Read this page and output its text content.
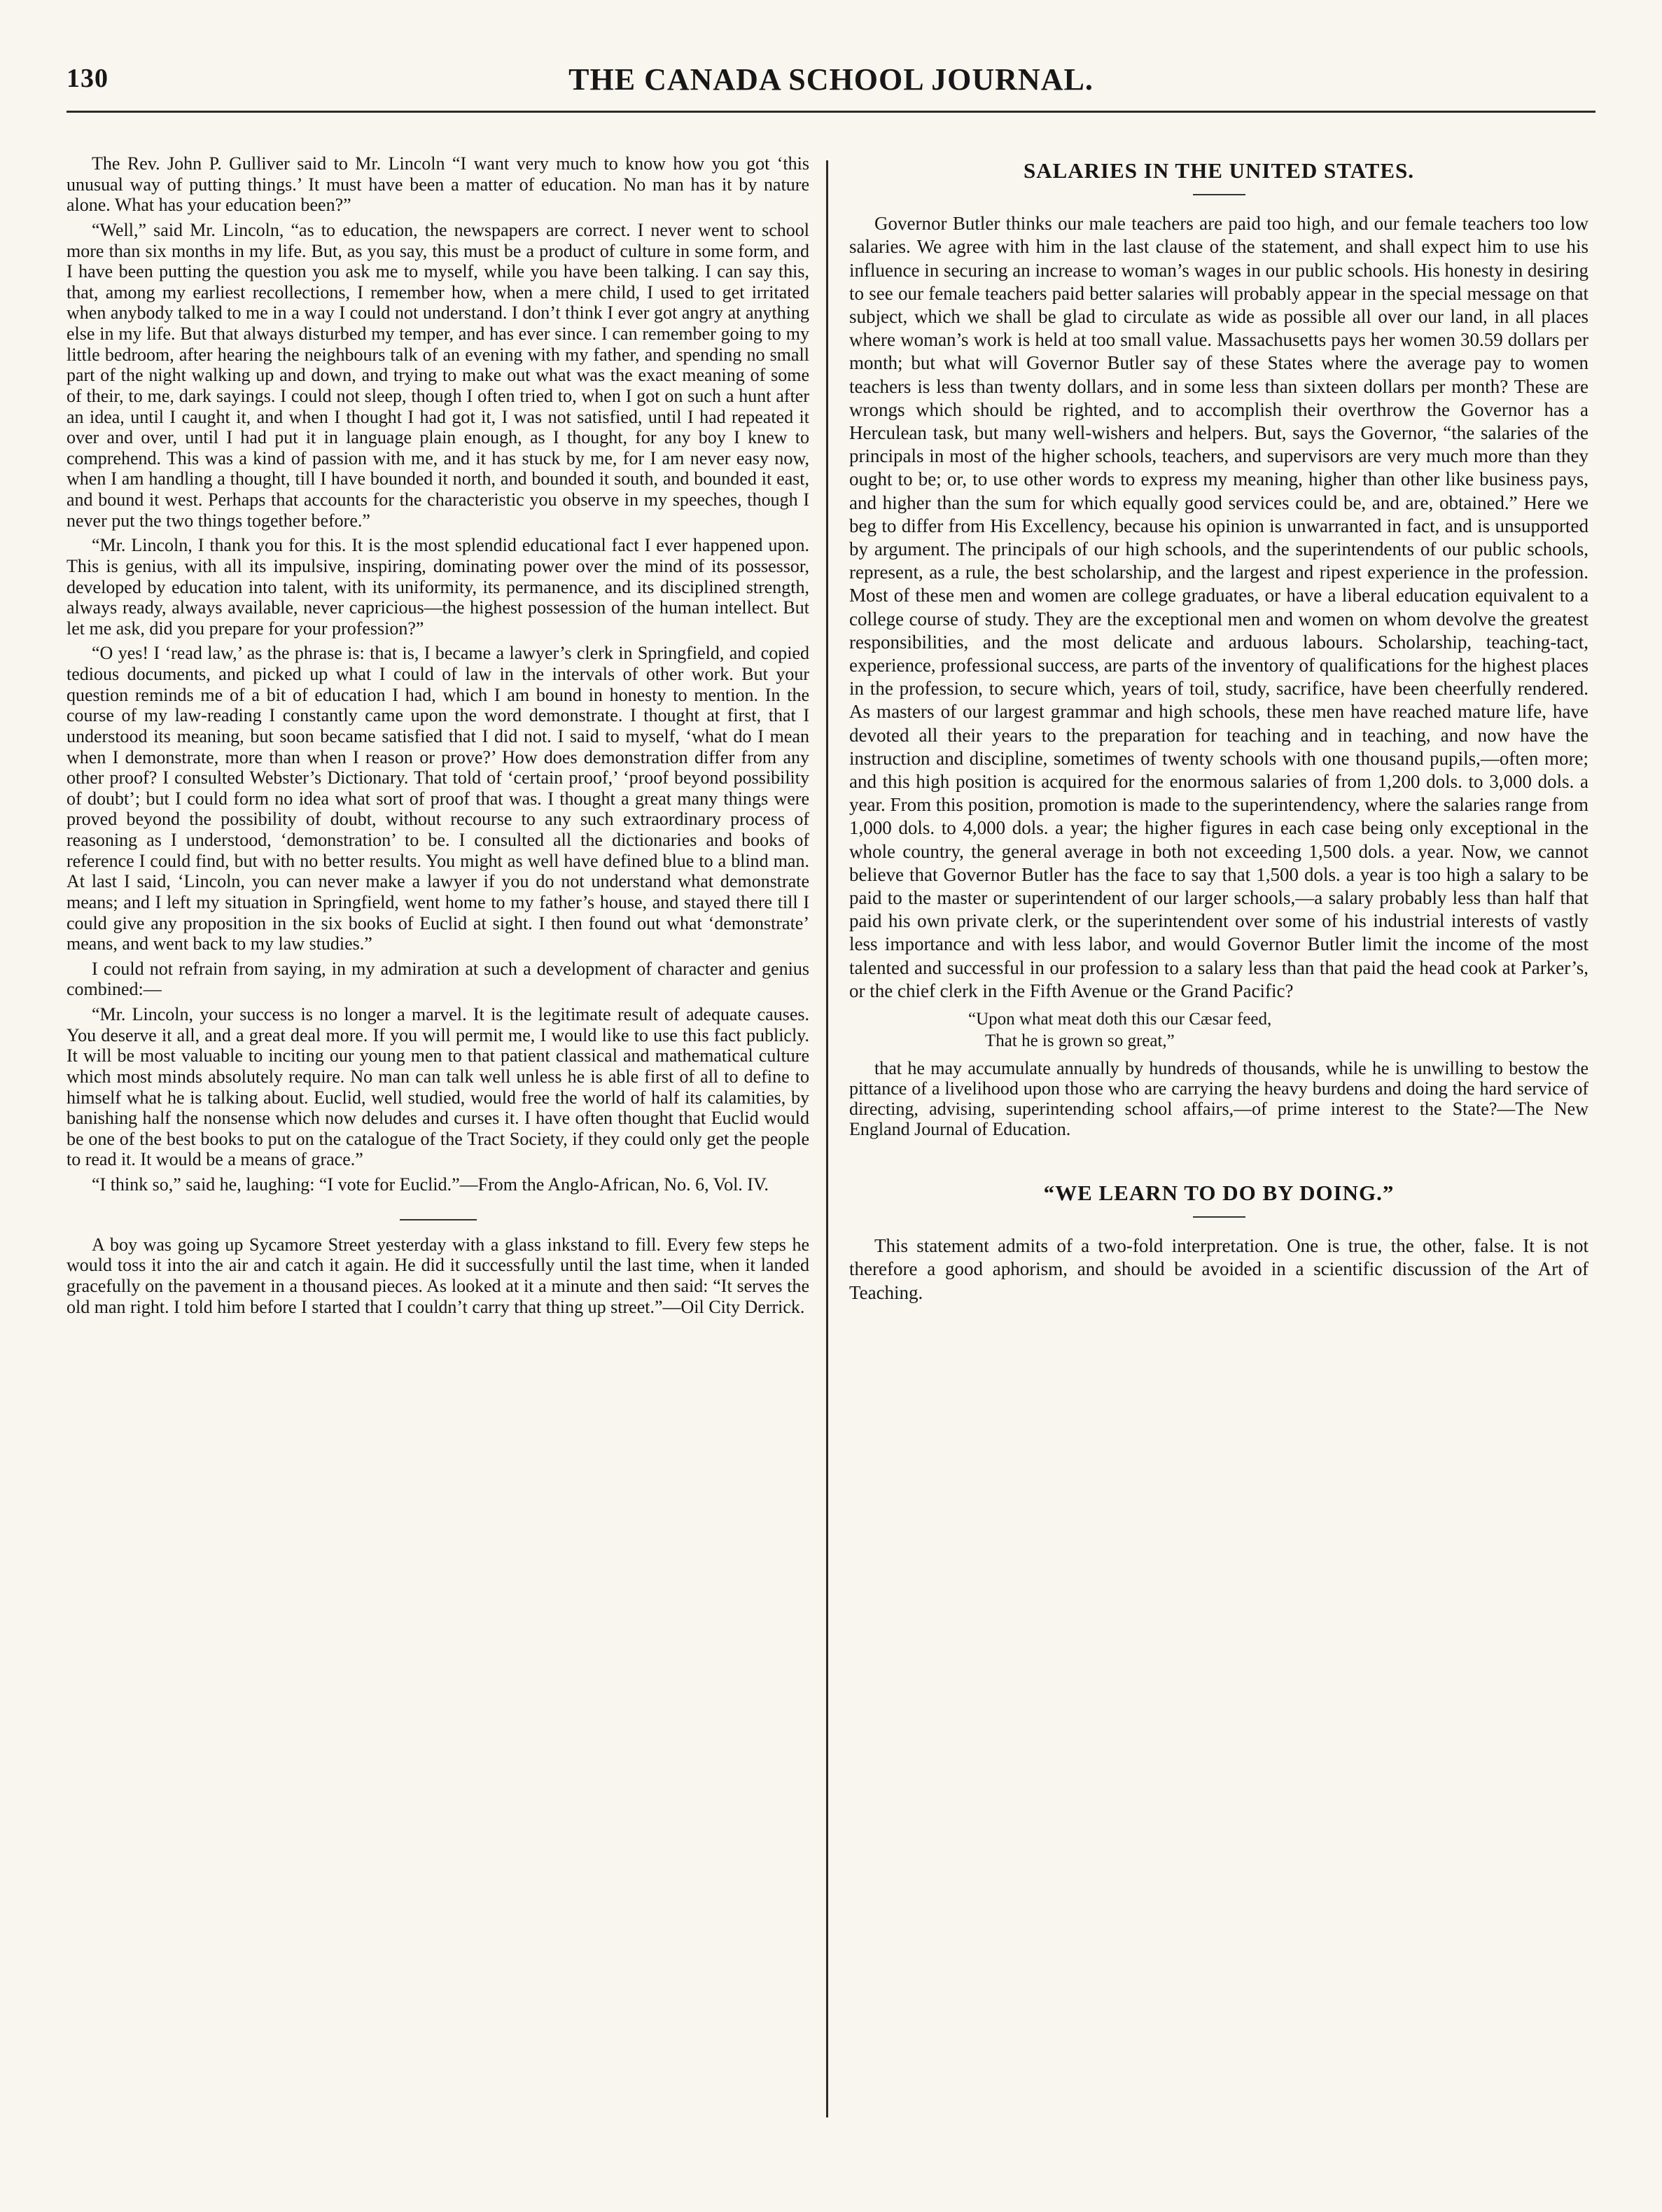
130	THE CANADA SCHOOL JOURNAL.

The Rev. John P. Gulliver said to Mr. Lincoln “I want very much to know how you got ‘this unusual way of putting things.’ It must have been a matter of education. No man has it by nature alone. What has your education been?”

“Well,” said Mr. Lincoln, “as to education, the newspapers are correct. I never went to school more than six months in my life. But, as you say, this must be a product of culture in some form, and I have been putting the question you ask me to myself, while you have been talking. I can say this, that, among my earliest recollections, I remember how, when a mere child, I used to get irritated when anybody talked to me in a way I could not understand. I don’t think I ever got angry at anything else in my life. But that always disturbed my temper, and has ever since. I can remember going to my little bedroom, after hearing the neighbours talk of an evening with my father, and spending no small part of the night walking up and down, and trying to make out what was the exact meaning of some of their, to me, dark sayings. I could not sleep, though I often tried to, when I got on such a hunt after an idea, until I caught it, and when I thought I had got it, I was not satisfied, until I had repeated it over and over, until I had put it in language plain enough, as I thought, for any boy I knew to comprehend. This was a kind of passion with me, and it has stuck by me, for I am never easy now, when I am handling a thought, till I have bounded it north, and bounded it south, and bounded it east, and bound it west. Perhaps that accounts for the characteristic you observe in my speeches, though I never put the two things together before.”

“Mr. Lincoln, I thank you for this. It is the most splendid educational fact I ever happened upon. This is genius, with all its impulsive, inspiring, dominating power over the mind of its possessor, developed by education into talent, with its uniformity, its permanence, and its disciplined strength, always ready, always available, never capricious—the highest possession of the human intellect. But let me ask, did you prepare for your profession?”

“O yes! I ‘read law,’ as the phrase is: that is, I became a lawyer’s clerk in Springfield, and copied tedious documents, and picked up what I could of law in the intervals of other work. But your question reminds me of a bit of education I had, which I am bound in honesty to mention. In the course of my law-reading I constantly came upon the word demonstrate. I thought at first, that I understood its meaning, but soon became satisfied that I did not. I said to myself, ‘what do I mean when I demonstrate, more than when I reason or prove?’ How does demonstration differ from any other proof? I consulted Webster’s Dictionary. That told of ‘certain proof,’ ‘proof beyond possibility of doubt’; but I could form no idea what sort of proof that was. I thought a great many things were proved beyond the possibility of doubt, without recourse to any such extraordinary process of reasoning as I understood, ‘demonstration’ to be. I consulted all the dictionaries and books of reference I could find, but with no better results. You might as well have defined blue to a blind man. At last I said, ‘Lincoln, you can never make a lawyer if you do not understand what demonstrate means; and I left my situation in Springfield, went home to my father’s house, and stayed there till I could give any proposition in the six books of Euclid at sight. I then found out what ‘demonstrate’ means, and went back to my law studies.”

I could not refrain from saying, in my admiration at such a development of character and genius combined:—

“Mr. Lincoln, your success is no longer a marvel. It is the legitimate result of adequate causes. You deserve it all, and a great deal more. If you will permit me, I would like to use this fact publicly. It will be most valuable to inciting our young men to that patient classical and mathematical culture which most minds absolutely require. No man can talk well unless he is able first of all to define to himself what he is talking about. Euclid, well studied, would free the world of half its calamities, by banishing half the nonsense which now deludes and curses it. I have often thought that Euclid would be one of the best books to put on the catalogue of the Tract Society, if they could only get the people to read it. It would be a means of grace.”

“I think so,” said he, laughing: “I vote for Euclid.”—From the Anglo-African, No. 6, Vol. IV.

A boy was going up Sycamore Street yesterday with a glass inkstand to fill. Every few steps he would toss it into the air and catch it again. He did it successfully until the last time, when it landed gracefully on the pavement in a thousand pieces. As looked at it a minute and then said: “It serves the old man right. I told him before I started that I couldn’t carry that thing up street.”—Oil City Derrick.

SALARIES IN THE UNITED STATES.

Governor Butler thinks our male teachers are paid too high, and our female teachers too low salaries. We agree with him in the last clause of the statement, and shall expect him to use his influence in securing an increase to woman’s wages in our public schools. His honesty in desiring to see our female teachers paid better salaries will probably appear in the special message on that subject, which we shall be glad to circulate as wide as possible all over our land, in all places where woman’s work is held at too small value. Massachusetts pays her women 30.59 dollars per month; but what will Governor Butler say of these States where the average pay to women teachers is less than twenty dollars, and in some less than sixteen dollars per month? These are wrongs which should be righted, and to accomplish their overthrow the Governor has a Herculean task, but many well-wishers and helpers. But, says the Governor, “the salaries of the principals in most of the higher schools, teachers, and supervisors are very much more than they ought to be; or, to use other words to express my meaning, higher than other like business pays, and higher than the sum for which equally good services could be, and are, obtained.” Here we beg to differ from His Excellency, because his opinion is unwarranted in fact, and is unsupported by argument. The principals of our high schools, and the superintendents of our public schools, represent, as a rule, the best scholarship, and the largest and ripest experience in the profession. Most of these men and women are college graduates, or have a liberal education equivalent to a college course of study. They are the exceptional men and women on whom devolve the greatest responsibilities, and the most delicate and arduous labours. Scholarship, teaching-tact, experience, professional success, are parts of the inventory of qualifications for the highest places in the profession, to secure which, years of toil, study, sacrifice, have been cheerfully rendered. As masters of our largest grammar and high schools, these men have reached mature life, have devoted all their years to the preparation for teaching and in teaching, and now have the instruction and discipline, sometimes of twenty schools with one thousand pupils,—often more; and this high position is acquired for the enormous salaries of from 1,200 dols. to 3,000 dols. a year. From this position, promotion is made to the superintendency, where the salaries range from 1,000 dols. to 4,000 dols. a year; the higher figures in each case being only exceptional in the whole country, the general average in both not exceeding 1,500 dols. a year. Now, we cannot believe that Governor Butler has the face to say that 1,500 dols. a year is too high a salary to be paid to the master or superintendent of our larger schools,—a salary probably less than half that paid his own private clerk, or the superintendent over some of his industrial interests of vastly less importance and with less labor, and would Governor Butler limit the income of the most talented and successful in our profession to a salary less than that paid the head cook at Parker’s, or the chief clerk in the Fifth Avenue or the Grand Pacific?

“Upon what meat doth this our Cæsar feed,
That he is grown so great,”

that he may accumulate annually by hundreds of thousands, while he is unwilling to bestow the pittance of a livelihood upon those who are carrying the heavy burdens and doing the hard service of directing, advising, superintending school affairs,—of prime interest to the State?—The New England Journal of Education.

“WE LEARN TO DO BY DOING.”

This statement admits of a two-fold interpretation. One is true, the other, false. It is not therefore a good aphorism, and should be avoided in a scientific discussion of the Art of Teaching.
